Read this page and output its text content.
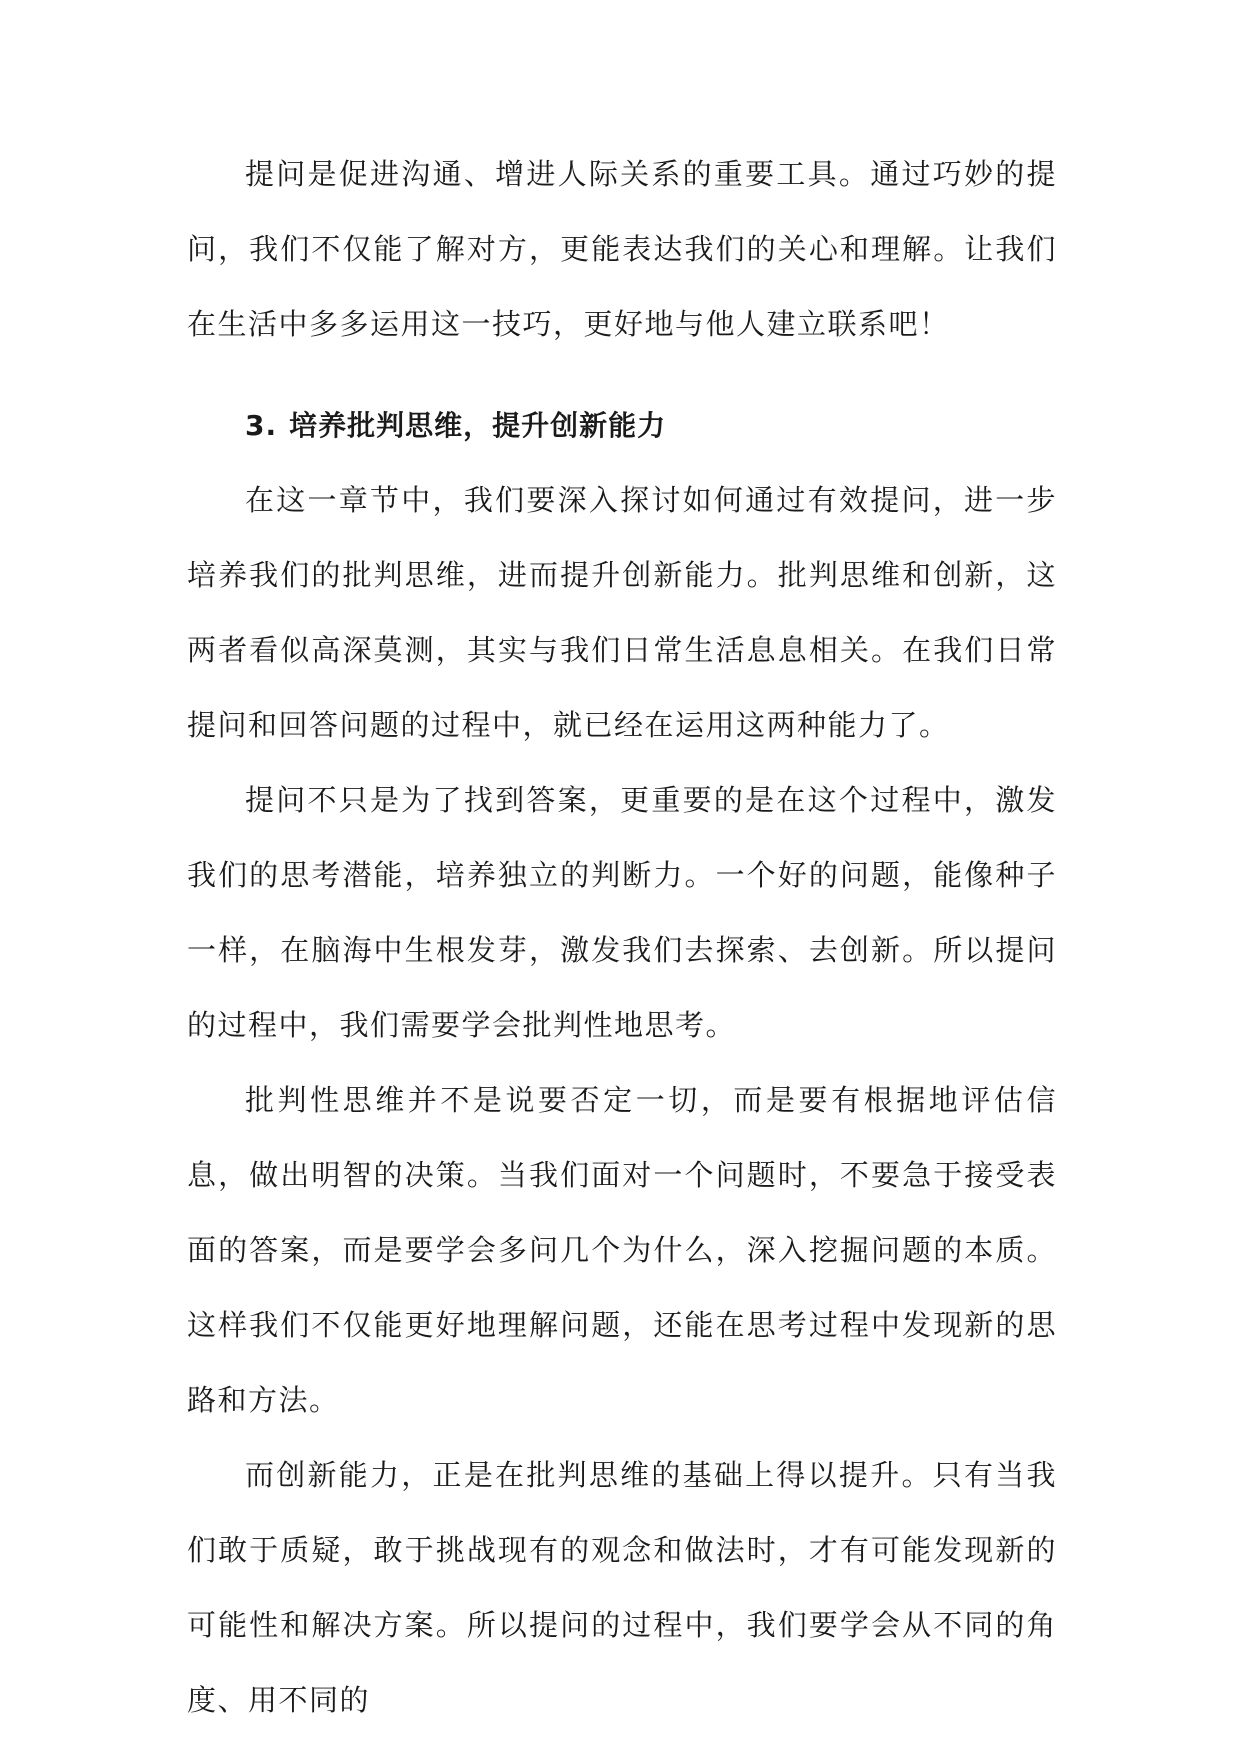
提问是促进沟通、增进人际关系的重要工具。通过巧妙的提问，我们不仅能了解对方，更能表达我们的关心和理解。让我们在生活中多多运用这一技巧，更好地与他人建立联系吧！

3. 培养批判思维，提升创新能力

在这一章节中，我们要深入探讨如何通过有效提问，进一步培养我们的批判思维，进而提升创新能力。批判思维和创新，这两者看似高深莫测，其实与我们日常生活息息相关。在我们日常提问和回答问题的过程中，就已经在运用这两种能力了。

提问不只是为了找到答案，更重要的是在这个过程中，激发我们的思考潜能，培养独立的判断力。一个好的问题，能像种子一样，在脑海中生根发芽，激发我们去探索、去创新。所以提问的过程中，我们需要学会批判性地思考。

批判性思维并不是说要否定一切，而是要有根据地评估信息，做出明智的决策。当我们面对一个问题时，不要急于接受表面的答案，而是要学会多问几个为什么，深入挖掘问题的本质。这样我们不仅能更好地理解问题，还能在思考过程中发现新的思路和方法。

而创新能力，正是在批判思维的基础上得以提升。只有当我们敢于质疑，敢于挑战现有的观念和做法时，才有可能发现新的可能性和解决方案。所以提问的过程中，我们要学会从不同的角度、用不同的
